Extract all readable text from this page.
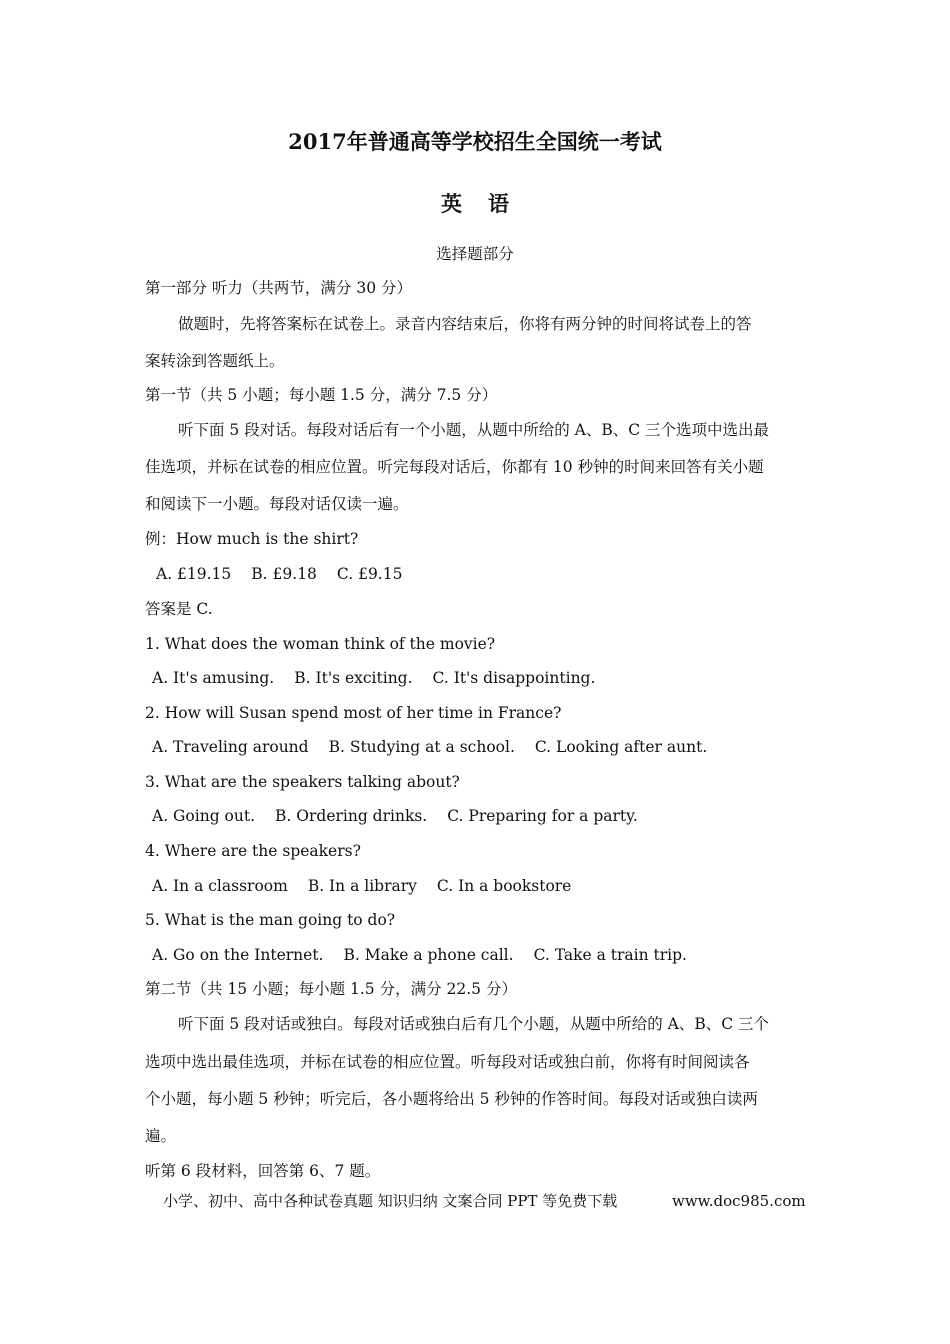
2017年普通高等学校招生全国统一考试
英语
选择题部分
第一部分 听力（共两节，满分 30 分）
做题时，先将答案标在试卷上。录音内容结束后，你将有两分钟的时间将试卷上的答
案转涂到答题纸上。
第一节（共 5 小题；每小题 1.5 分，满分 7.5 分）
听下面 5 段对话。每段对话后有一个小题，从题中所给的 A、B、C 三个选项中选出最
佳选项，并标在试卷的相应位置。听完每段对话后，你都有 10 秒钟的时间来回答有关小题
和阅读下一小题。每段对话仅读一遍。
例：How much is the shirt?
A. £19.15 B. £9.18 C. £9.15
答案是 C.
1. What does the woman think of the movie?
A. It's amusing. B. It's exciting. C. It's disappointing.
2. How will Susan spend most of her time in France?
A. Traveling around B. Studying at a school. C. Looking after aunt.
3. What are the speakers talking about?
A. Going out. B. Ordering drinks. C. Preparing for a party.
4. Where are the speakers?
A. In a classroom B. In a library C. In a bookstore
5. What is the man going to do?
A. Go on the Internet. B. Make a phone call. C. Take a train trip.
第二节（共 15 小题；每小题 1.5 分，满分 22.5 分）
听下面 5 段对话或独白。每段对话或独白后有几个小题，从题中所给的 A、B、C 三个
选项中选出最佳选项，并标在试卷的相应位置。听每段对话或独白前，你将有时间阅读各
个小题，每小题 5 秒钟；听完后，各小题将给出 5 秒钟的作答时间。每段对话或独白读两
遍。
听第 6 段材料，回答第 6、7 题。
小学、初中、高中各种试卷真题 知识归纳 文案合同 PPT 等免费下载	www.doc985.com
